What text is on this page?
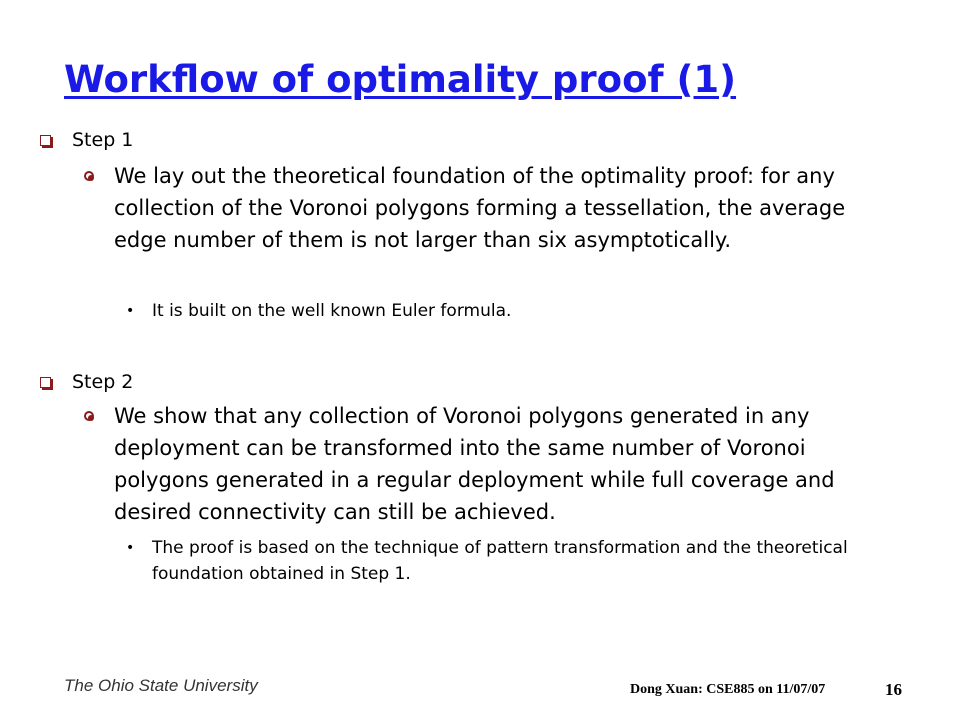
Workflow of optimality proof (1)
Step 1
We lay out the theoretical foundation of the optimality proof: for any collection of the Voronoi polygons forming a tessellation, the average edge number of them is not larger than six asymptotically.
• It is built on the well known Euler formula.
Step 2
We show that any collection of Voronoi polygons generated in any deployment can be transformed into the same number of Voronoi polygons generated in a regular deployment while full coverage and desired connectivity can still be achieved.
• The proof is based on the technique of pattern transformation and the theoretical foundation obtained in Step 1.
The Ohio State University	Dong Xuan: CSE885 on 11/07/07	16
